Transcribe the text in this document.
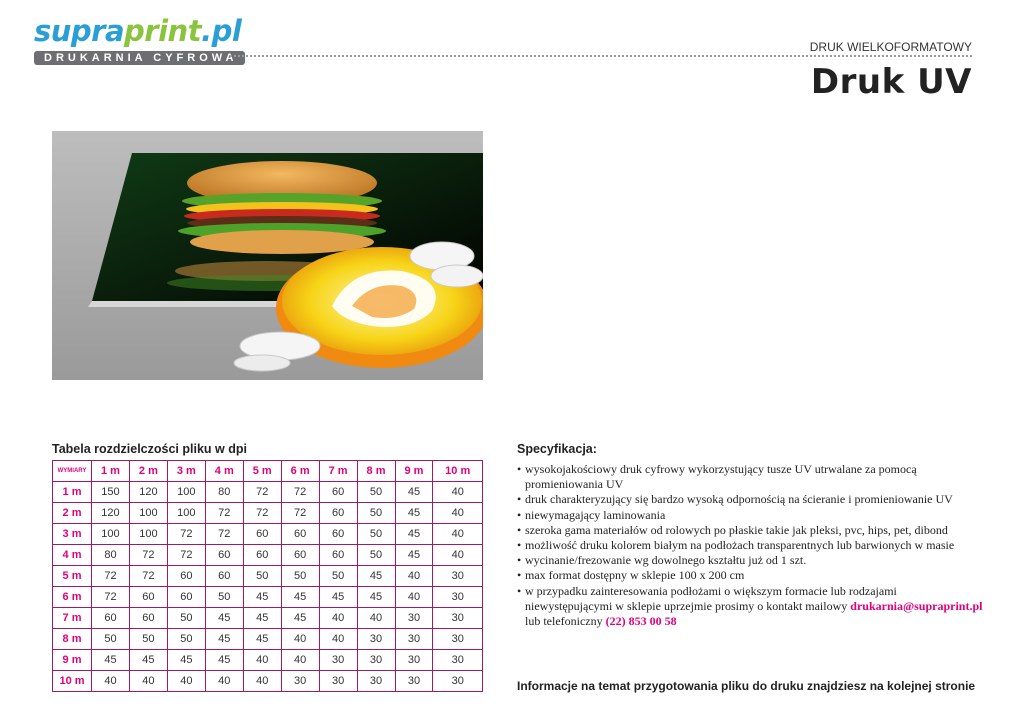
supraprint.pl
DRUKARNIA CYFROWA
DRUK WIELKOFORMATOWY
Druk UV
Tabela rozdzielczości pliku w dpi
WYMIARY	1 m	2 m	3 m	4 m	5 m	6 m	7 m	8 m	9 m	10 m
1 m	150	120	100	80	72	72	60	50	45	40
2 m	120	100	100	72	72	72	60	50	45	40
3 m	100	100	72	72	60	60	60	50	45	40
4 m	80	72	72	60	60	60	60	50	45	40
5 m	72	72	60	60	50	50	50	45	40	30
6 m	72	60	60	50	45	45	45	45	40	30
7 m	60	60	50	45	45	45	40	40	30	30
8 m	50	50	50	45	45	40	40	30	30	30
9 m	45	45	45	45	40	40	30	30	30	30
10 m	40	40	40	40	40	30	30	30	30	30
Specyfikacja:
• wysokojakościowy druk cyfrowy wykorzystujący tusze UV utrwalane za pomocą promieniowania UV
• druk charakteryzujący się bardzo wysoką odpornością na ścieranie i promieniowanie UV
• niewymagający laminowania
• szeroka gama materiałów od rolowych po płaskie takie jak pleksi, pvc, hips, pet, dibond
• możliwość druku kolorem białym na podłożach transparentnych lub barwionych w masie
• wycinanie/frezowanie wg dowolnego kształtu już od 1 szt.
• max format dostępny w sklepie 100 x 200 cm
• w przypadku zainteresowania podłożami o większym formacie lub rodzajami niewystępującymi w sklepie uprzejmie prosimy o kontakt mailowy drukarnia@supraprint.pl lub telefoniczny (22) 853 00 58
Informacje na temat przygotowania pliku do druku znajdziesz na kolejnej stronie
